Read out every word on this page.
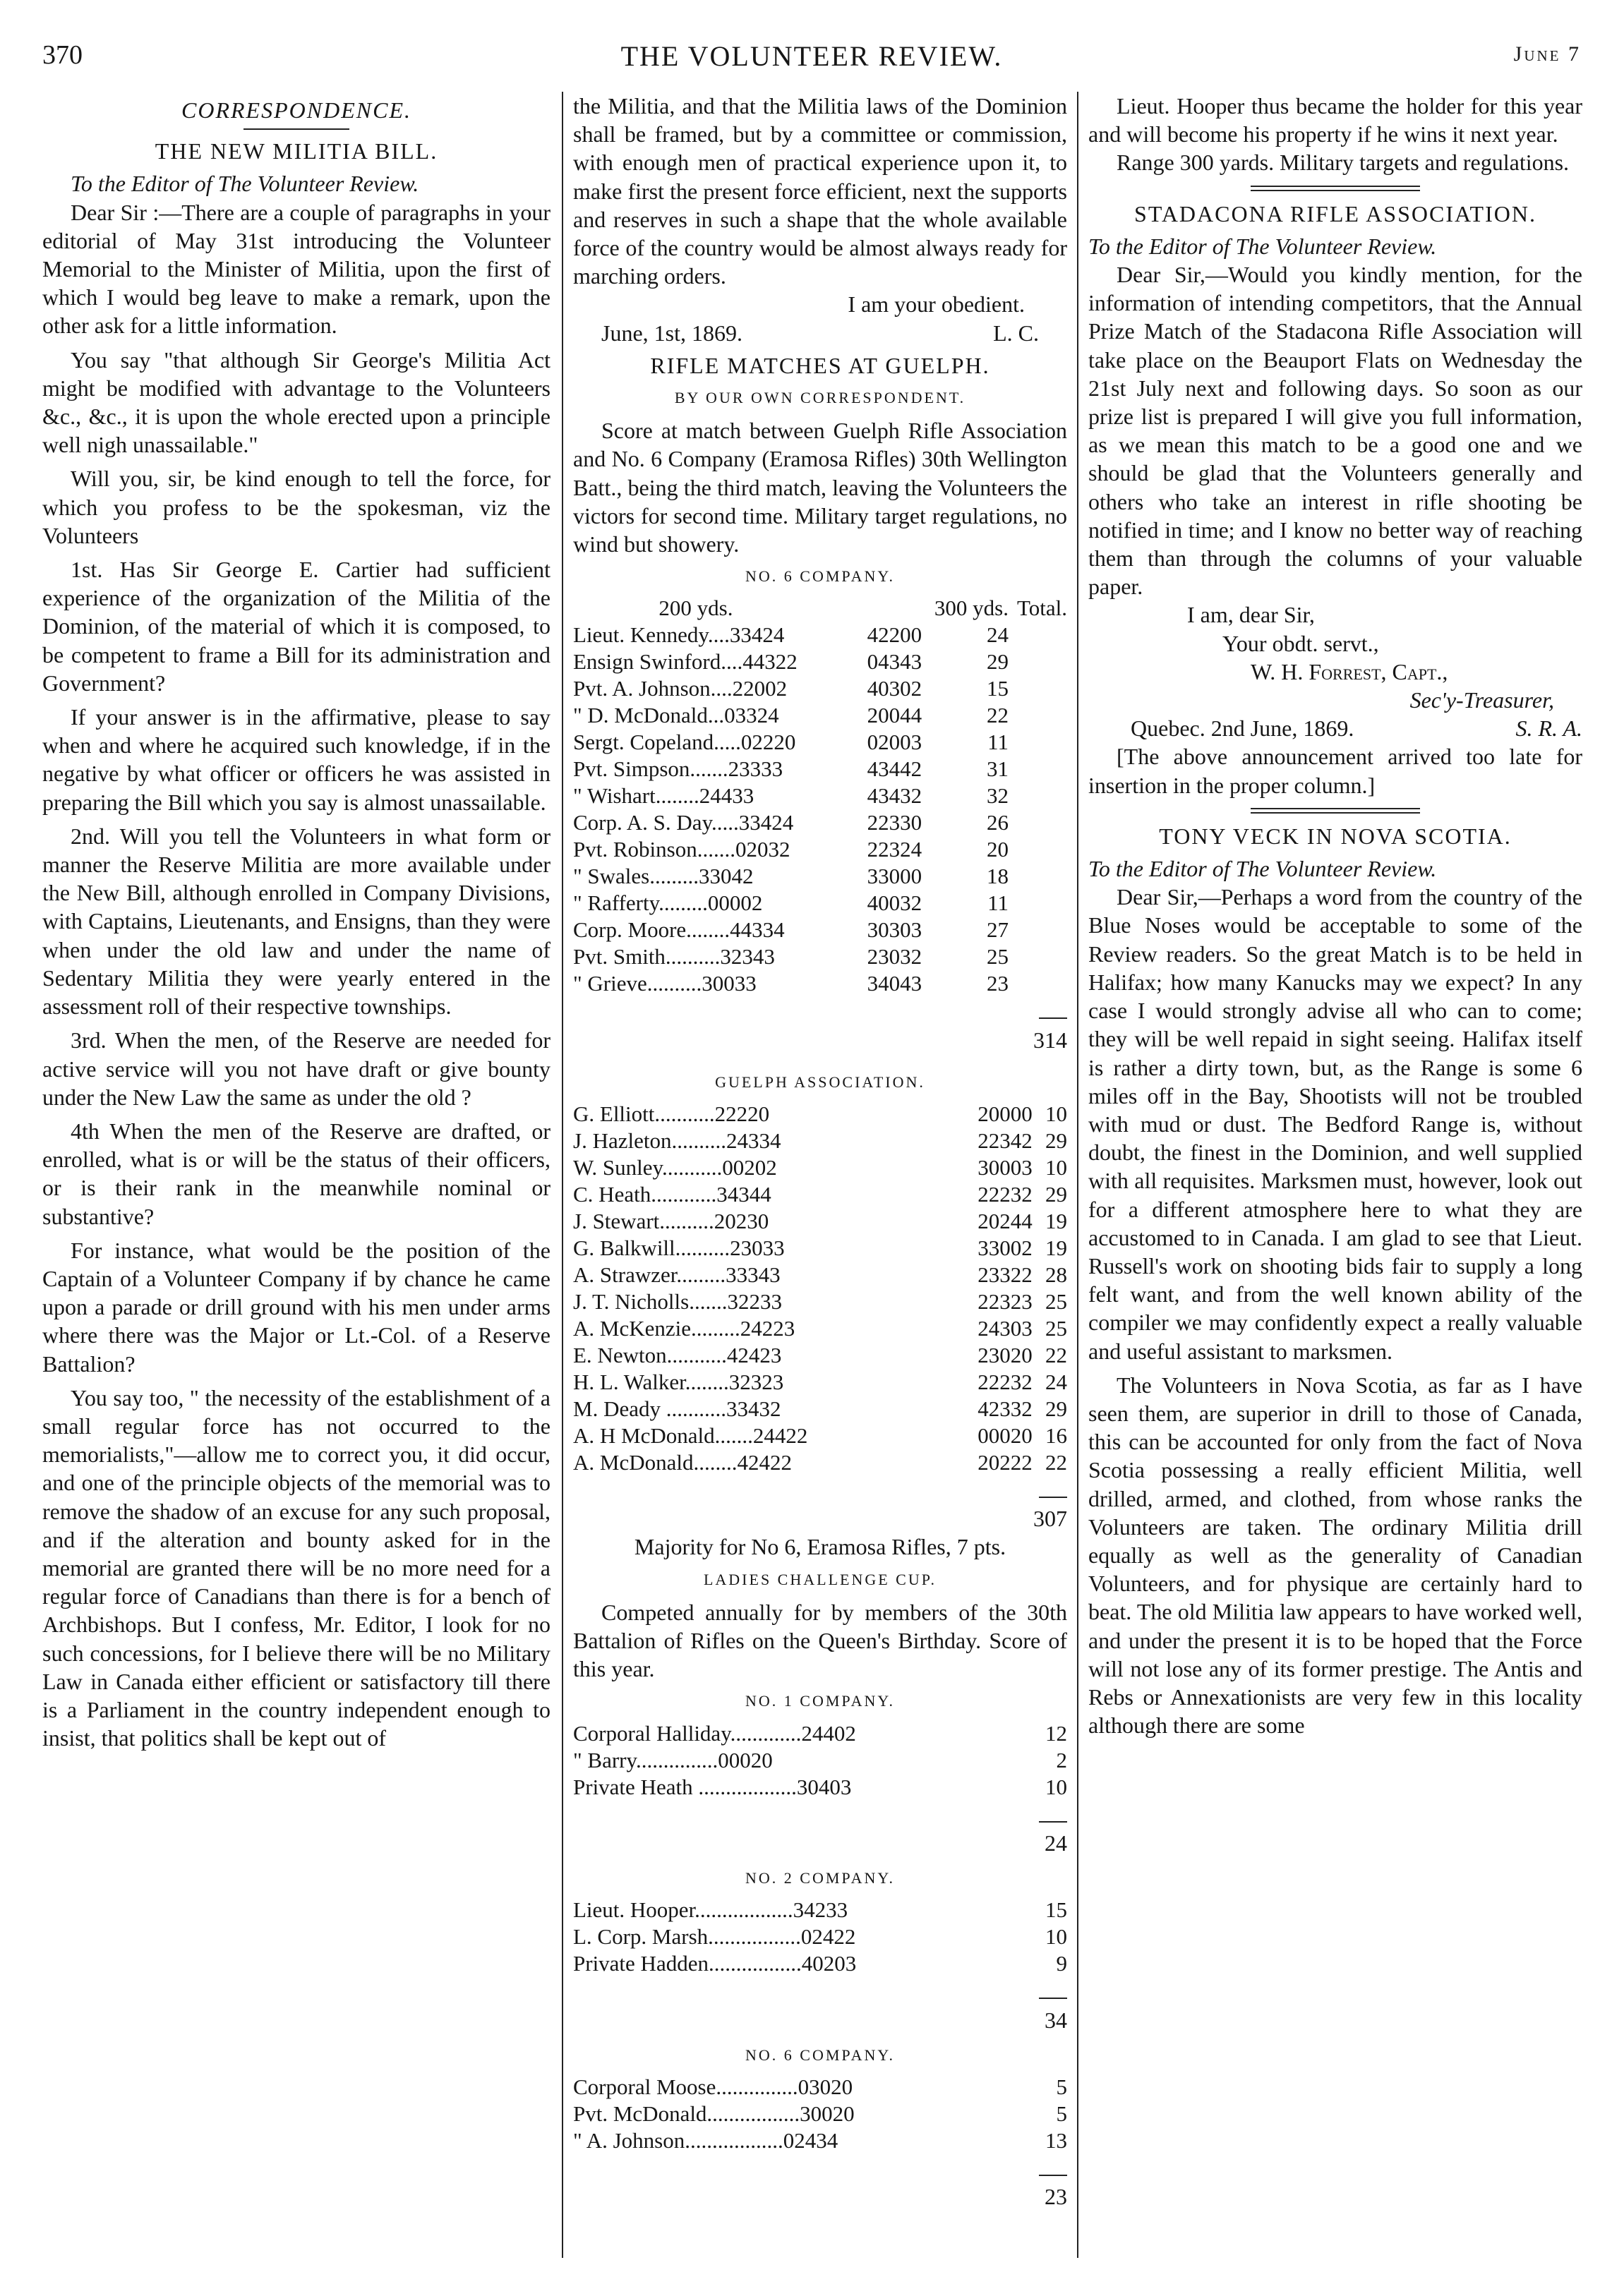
370	THE VOLUNTEER REVIEW.	June 7
CORRESPONDENCE.
THE NEW MILITIA BILL.

To the Editor of The Volunteer Review.

Dear Sir :—There are a couple of paragraphs in your editorial of May 31st introducing the Volunteer Memorial to the Minister of Militia, upon the first of which I would beg leave to make a remark, upon the other ask for a little information.

You say "that although Sir George's Militia Act might be modified with advantage to the Volunteers &c., &c., it is upon the whole erected upon a principle well nigh unassailable."

Will you, sir, be kind enough to tell the force, for which you profess to be the spokesman, viz the Volunteers

1st. Has Sir George E. Cartier had sufficient experience of the organization of the Militia of the Dominion, of the material of which it is composed, to be competent to frame a Bill for its administration and Government?

If your answer is in the affirmative, please to say when and where he acquired such knowledge, if in the negative by what officer or officers he was assisted in preparing the Bill which you say is almost unassailable.

2nd. Will you tell the Volunteers in what form or manner the Reserve Militia are more available under the New Bill, although enrolled in Company Divisions, with Captains, Lieutenants, and Ensigns, than they were when under the old law and under the name of Sedentary Militia they were yearly entered in the assessment roll of their respective townships.

3rd. When the men, of the Reserve are needed for active service will you not have draft or give bounty under the New Law the same as under the old ?

4th When the men of the Reserve are drafted, or enrolled, what is or will be the status of their officers, or is their rank in the meanwhile nominal or substantive?

For instance, what would be the position of the Captain of a Volunteer Company if by chance he came upon a parade or drill ground with his men under arms where there was the Major or Lt.-Col. of a Reserve Battalion?

You say too, " the necessity of the establishment of a small regular force has not occurred to the memorialists,"—allow me to correct you, it did occur, and one of the principle objects of the memorial was to remove the shadow of an excuse for any such proposal, and if the alteration and bounty asked for in the memorial are granted there will be no more need for a regular force of Canadians than there is for a bench of Archbishops. But I confess, Mr. Editor, I look for no such concessions, for I believe there will be no Military Law in Canada either efficient or satisfactory till there is a Parliament in the country independent enough to insist, that politics shall be kept out of

the Militia, and that the Militia laws of the Dominion shall be framed, but by a committee or commission, with enough men of practical experience upon it, to make first the present force efficient, next the supports and reserves in such a shape that the whole available force of the country would be almost always ready for marching orders.

I am your obedient.

June, 1st, 1869.	L. C.

RIFLE MATCHES AT GUELPH.
BY OUR OWN CORRESPONDENT.

Score at match between Guelph Rifle Association and No. 6 Company (Eramosa Rifles) 30th Wellington Batt., being the third match, leaving the Volunteers the victors for second time. Military target regulations, no wind but showery.

NO. 6 COMPANY.
	200 yds.	300 yds.	Total.
Lieut. Kennedy....33424	42200	24
Ensign Swinford....44322	04343	29
Pvt. A. Johnson....22002	40302	15
" D. McDonald...03324	20044	22
Sergt. Copeland.....02220	02003	11
Pvt. Simpson.......23333	43442	31
" Wishart........24433	43432	32
Corp. A. S. Day.....33424	22330	26
Pvt. Robinson.......02032	22324	20
" Swales.........33042	33000	18
" Rafferty.........00002	40032	11
Corp. Moore........44334	30303	27
Pvt. Smith..........32343	23032	25
" Grieve..........30033	34043	23

314
GUELPH ASSOCIATION.
G. Elliott...........22220	20000	10
J. Hazleton..........24334	22342	29
W. Sunley...........00202	30003	10
C. Heath............34344	22232	29
J. Stewart..........20230	20244	19
G. Balkwill..........23033	33002	19
A. Strawzer.........33343	23322	28
J. T. Nicholls.......32233	22323	25
A. McKenzie.........24223	24303	25
E. Newton...........42423	23020	22
H. L. Walker........32323	22232	24
M. Deady ...........33432	42332	29
A. H McDonald.......24422	00020	16
A. McDonald........42422	20222	22

307

Majority for No 6, Eramosa Rifles, 7 pts.

LADIES CHALLENGE CUP.

Competed annually for by members of the 30th Battalion of Rifles on the Queen's Birthday. Score of this year.

NO. 1 COMPANY.
Corporal Halliday.............24402	12
" Barry...............00020	2
Private Heath ..................30403	10

24
NO. 2 COMPANY.
Lieut. Hooper..................34233	15
L. Corp. Marsh.................02422	10
Private Hadden.................40203	9

34
NO. 6 COMPANY.
Corporal Moose...............03020	5
Pvt. McDonald.................30020	5
" A. Johnson..................02434	13

23

Lieut. Hooper thus became the holder for this year and will become his property if he wins it next year.

Range 300 yards. Military targets and regulations.

STADACONA RIFLE ASSOCIATION.

To the Editor of The Volunteer Review.

Dear Sir,—Would you kindly mention, for the information of intending competitors, that the Annual Prize Match of the Stadacona Rifle Association will take place on the Beauport Flats on Wednesday the 21st July next and following days. So soon as our prize list is prepared I will give you full information, as we mean this match to be a good one and we should be glad that the Volunteers generally and others who take an interest in rifle shooting be notified in time; and I know no better way of reaching them than through the columns of your valuable paper.

I am, dear Sir,

Your obdt. servt.,

W. H. Forrest, Capt.,

Sec'y-Treasurer,

Quebec. 2nd June, 1869.	S. R. A.

[The above announcement arrived too late for insertion in the proper column.]

TONY VECK IN NOVA SCOTIA.

To the Editor of The Volunteer Review.

Dear Sir,—Perhaps a word from the country of the Blue Noses would be acceptable to some of the Review readers. So the great Match is to be held in Halifax; how many Kanucks may we expect? In any case I would strongly advise all who can to come; they will be well repaid in sight seeing. Halifax itself is rather a dirty town, but, as the Range is some 6 miles off in the Bay, Shootists will not be troubled with mud or dust. The Bedford Range is, without doubt, the finest in the Dominion, and well supplied with all requisites. Marksmen must, however, look out for a different atmosphere here to what they are accustomed to in Canada. I am glad to see that Lieut. Russell's work on shooting bids fair to supply a long felt want, and from the well known ability of the compiler we may confidently expect a really valuable and useful assistant to marksmen.

The Volunteers in Nova Scotia, as far as I have seen them, are superior in drill to those of Canada, this can be accounted for only from the fact of Nova Scotia possessing a really efficient Militia, well drilled, armed, and clothed, from whose ranks the Volunteers are taken. The ordinary Militia drill equally as well as the generality of Canadian Volunteers, and for physique are certainly hard to beat. The old Militia law appears to have worked well, and under the present it is to be hoped that the Force will not lose any of its former prestige. The Antis and Rebs or Annexationists are very few in this locality although there are some
